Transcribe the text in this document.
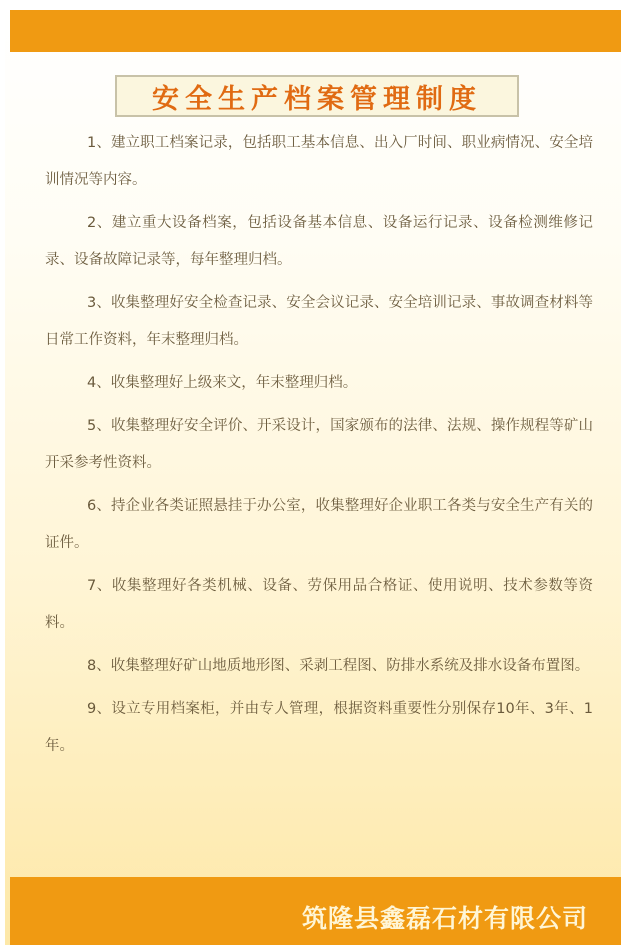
安全生产档案管理制度

1、建立职工档案记录，包括职工基本信息、出入厂时间、职业病情况、安全培训情况等内容。

2、建立重大设备档案，包括设备基本信息、设备运行记录、设备检测维修记录、设备故障记录等，每年整理归档。

3、收集整理好安全检查记录、安全会议记录、安全培训记录、事故调查材料等日常工作资料，年末整理归档。

4、收集整理好上级来文，年末整理归档。

5、收集整理好安全评价、开采设计，国家颁布的法律、法规、操作规程等矿山开采参考性资料。

6、持企业各类证照悬挂于办公室，收集整理好企业职工各类与安全生产有关的证件。

7、收集整理好各类机械、设备、劳保用品合格证、使用说明、技术参数等资料。

8、收集整理好矿山地质地形图、采剥工程图、防排水系统及排水设备布置图。

9、设立专用档案柜，并由专人管理，根据资料重要性分别保存10年、3年、1年。

筑隆县鑫磊石材有限公司
